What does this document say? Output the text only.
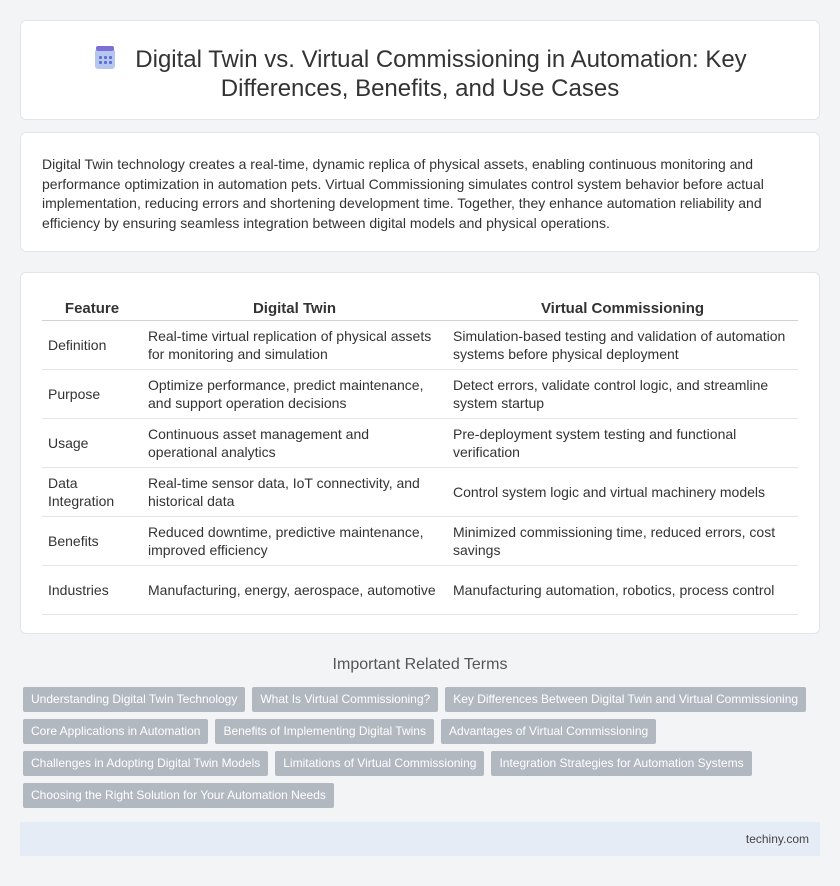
Digital Twin vs. Virtual Commissioning in Automation: Key
Differences, Benefits, and Use Cases

Digital Twin technology creates a real-time, dynamic replica of physical assets, enabling continuous monitoring and performance optimization in automation pets. Virtual Commissioning simulates control system behavior before actual implementation, reducing errors and shortening development time. Together, they enhance automation reliability and efficiency by ensuring seamless integration between digital models and physical operations.

Feature	Digital Twin	Virtual Commissioning
Definition	Real-time virtual replication of physical assets for monitoring and simulation	Simulation-based testing and validation of automation systems before physical deployment
Purpose	Optimize performance, predict maintenance, and support operation decisions	Detect errors, validate control logic, and streamline system startup
Usage	Continuous asset management and operational analytics	Pre-deployment system testing and functional verification
Data Integration	Real-time sensor data, IoT connectivity, and historical data	Control system logic and virtual machinery models
Benefits	Reduced downtime, predictive maintenance, improved efficiency	Minimized commissioning time, reduced errors, cost savings
Industries	Manufacturing, energy, aerospace, automotive	Manufacturing automation, robotics, process control
Important Related Terms
Understanding Digital Twin Technology	What Is Virtual Commissioning?	Key Differences Between Digital Twin and Virtual Commissioning
Core Applications in Automation	Benefits of Implementing Digital Twins	Advantages of Virtual Commissioning
Challenges in Adopting Digital Twin Models	Limitations of Virtual Commissioning	Integration Strategies for Automation Systems
Choosing the Right Solution for Your Automation Needs
techiny.com
